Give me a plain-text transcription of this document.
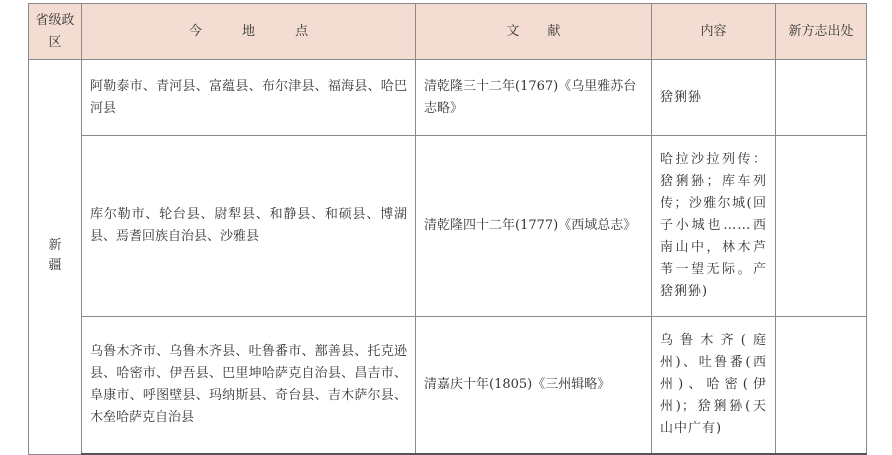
省级政区	今 地 点	文 献	内容	新方志出处
新疆	阿勒泰市、青河县、富蕴县、布尔津县、福海县、哈巴河县	清乾隆三十二年(1767)《乌里雅苏台志略》	猞猁狲	
	库尔勒市、轮台县、尉犁县、和静县、和硕县、博湖县、焉耆回族自治县、沙雅县	清乾隆四十二年(1777)《西域总志》	哈拉沙拉列传：猞猁狲；库车列传；沙雅尔城(回子小城也……西南山中，林木芦苇一望无际。产猞猁狲)	
	乌鲁木齐市、乌鲁木齐县、吐鲁番市、鄯善县、托克逊县、哈密市、伊吾县、巴里坤哈萨克自治县、昌吉市、阜康市、呼图壁县、玛纳斯县、奇台县、吉木萨尔县、木垒哈萨克自治县	清嘉庆十年(1805)《三州辑略》	乌鲁木齐(庭州)、吐鲁番(西州)、哈密(伊州)；猞猁狲(天山中广有)	
